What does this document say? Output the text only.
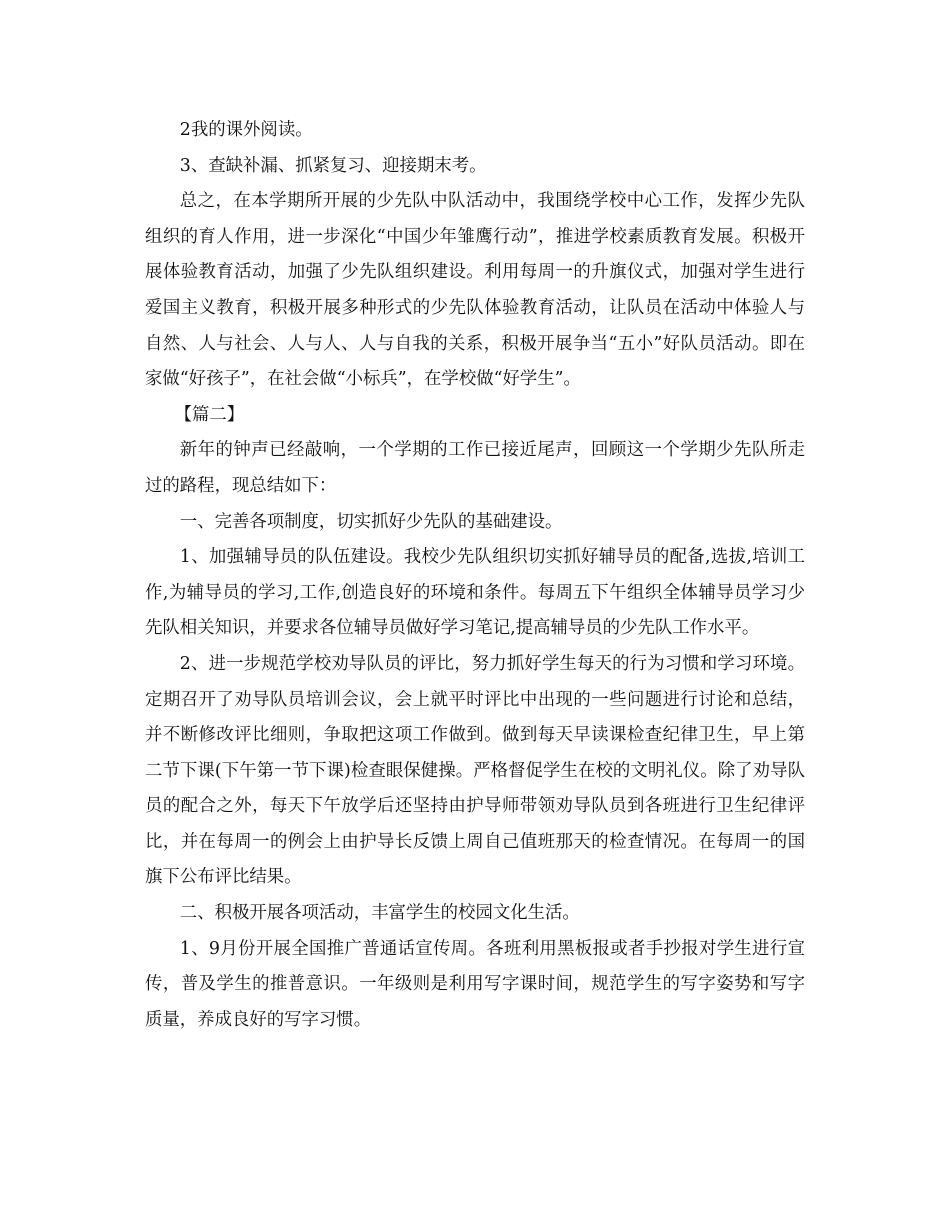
2我的课外阅读。

3、查缺补漏、抓紧复习、迎接期末考。

总之，在本学期所开展的少先队中队活动中，我围绕学校中心工作，发挥少先队组织的育人作用，进一步深化“中国少年雏鹰行动”，推进学校素质教育发展。积极开展体验教育活动，加强了少先队组织建设。利用每周一的升旗仪式，加强对学生进行爱国主义教育，积极开展多种形式的少先队体验教育活动，让队员在活动中体验人与自然、人与社会、人与人、人与自我的关系，积极开展争当“五小”好队员活动。即在家做“好孩子”，在社会做“小标兵”，在学校做“好学生”。

【篇二】

新年的钟声已经敲响，一个学期的工作已接近尾声，回顾这一个学期少先队所走过的路程，现总结如下：

一、完善各项制度，切实抓好少先队的基础建设。

1、加强辅导员的队伍建设。我校少先队组织切实抓好辅导员的配备,选拔,培训工作,为辅导员的学习,工作,创造良好的环境和条件。每周五下午组织全体辅导员学习少先队相关知识，并要求各位辅导员做好学习笔记,提高辅导员的少先队工作水平。

2、进一步规范学校劝导队员的评比，努力抓好学生每天的行为习惯和学习环境。定期召开了劝导队员培训会议，会上就平时评比中出现的一些问题进行讨论和总结，并不断修改评比细则，争取把这项工作做到。做到每天早读课检查纪律卫生，早上第二节下课(下午第一节下课)检查眼保健操。严格督促学生在校的文明礼仪。除了劝导队员的配合之外，每天下午放学后还坚持由护导师带领劝导队员到各班进行卫生纪律评比，并在每周一的例会上由护导长反馈上周自己值班那天的检查情况。在每周一的国旗下公布评比结果。

二、积极开展各项活动，丰富学生的校园文化生活。

1、9月份开展全国推广普通话宣传周。各班利用黑板报或者手抄报对学生进行宣传，普及学生的推普意识。一年级则是利用写字课时间，规范学生的写字姿势和写字质量，养成良好的写字习惯。
